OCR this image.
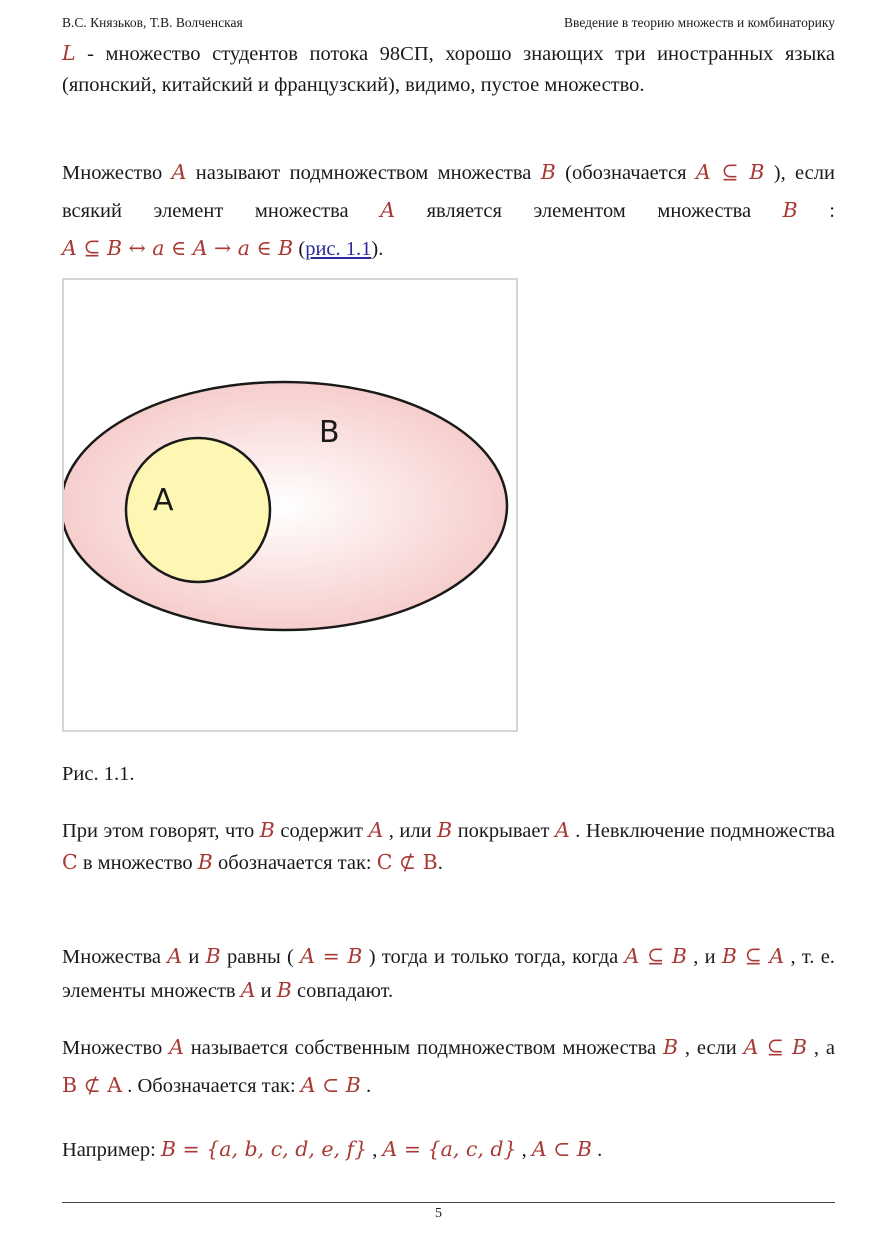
В.С. Князьков, Т.В. Волченская	Введение в теорию множеств и комбинаторику
L - множество студентов потока 98СП, хорошо знающих три иностранных языка (японский, китайский и французский), видимо, пустое множество.
Множество A называют подмножеством множества B (обозначается A ⊆ B ), если всякий элемент множества A является элементом множества B : A ⊆ B ↔ a ∈ A → a ∈ B (рис. 1.1).
B
A
Рис. 1.1.
При этом говорят, что B содержит A , или B покрывает A . Невключение подмножества C в множество B обозначается так: C ⊄ B.
Множества A и B равны ( A = B ) тогда и только тогда, когда A ⊆ B , и B ⊆ A , т. е. элементы множеств A и B совпадают.
Множество A называется собственным подмножеством множества B , если A ⊆ B , а B ⊄ A . Обозначается так: A ⊂ B .
Например: B = {a, b, c, d, e, f} , A = {a, c, d} , A ⊂ B .
5
